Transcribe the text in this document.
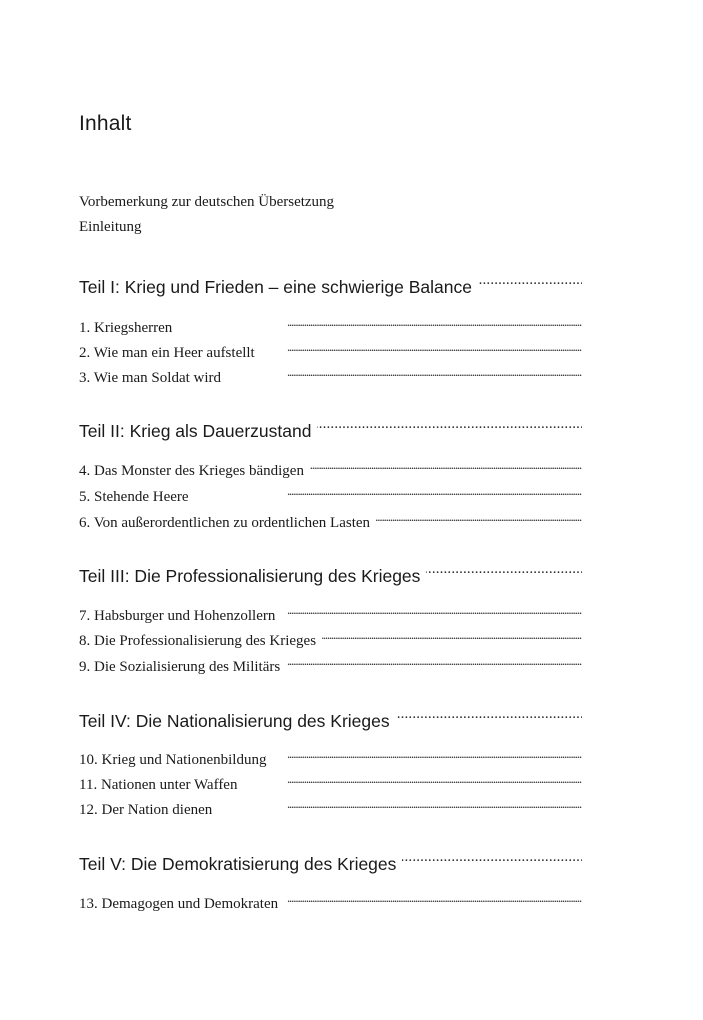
Inhalt
Vorbemerkung zur deutschen Übersetzung
Einleitung
Teil I: Krieg und Frieden – eine schwierige Balance
. . .
1. Kriegsherren
. . .
2. Wie man ein Heer aufstellt
. . .
3. Wie man Soldat wird
. . .
Teil II: Krieg als Dauerzustand
. . .
4. Das Monster des Krieges bändigen
. . .
5. Stehende Heere
. . .
6. Von außerordentlichen zu ordentlichen Lasten
. . .
Teil III: Die Professionalisierung des Krieges
. . .
7. Habsburger und Hohenzollern
. . .
8. Die Professionalisierung des Krieges
. . .
9. Die Sozialisierung des Militärs
. . .
Teil IV: Die Nationalisierung des Krieges
. . .
10. Krieg und Nationenbildung
. . .
11. Nationen unter Waffen
. . .
12. Der Nation dienen
. . .
Teil V: Die Demokratisierung des Krieges
. . .
13. Demagogen und Demokraten
. . .
